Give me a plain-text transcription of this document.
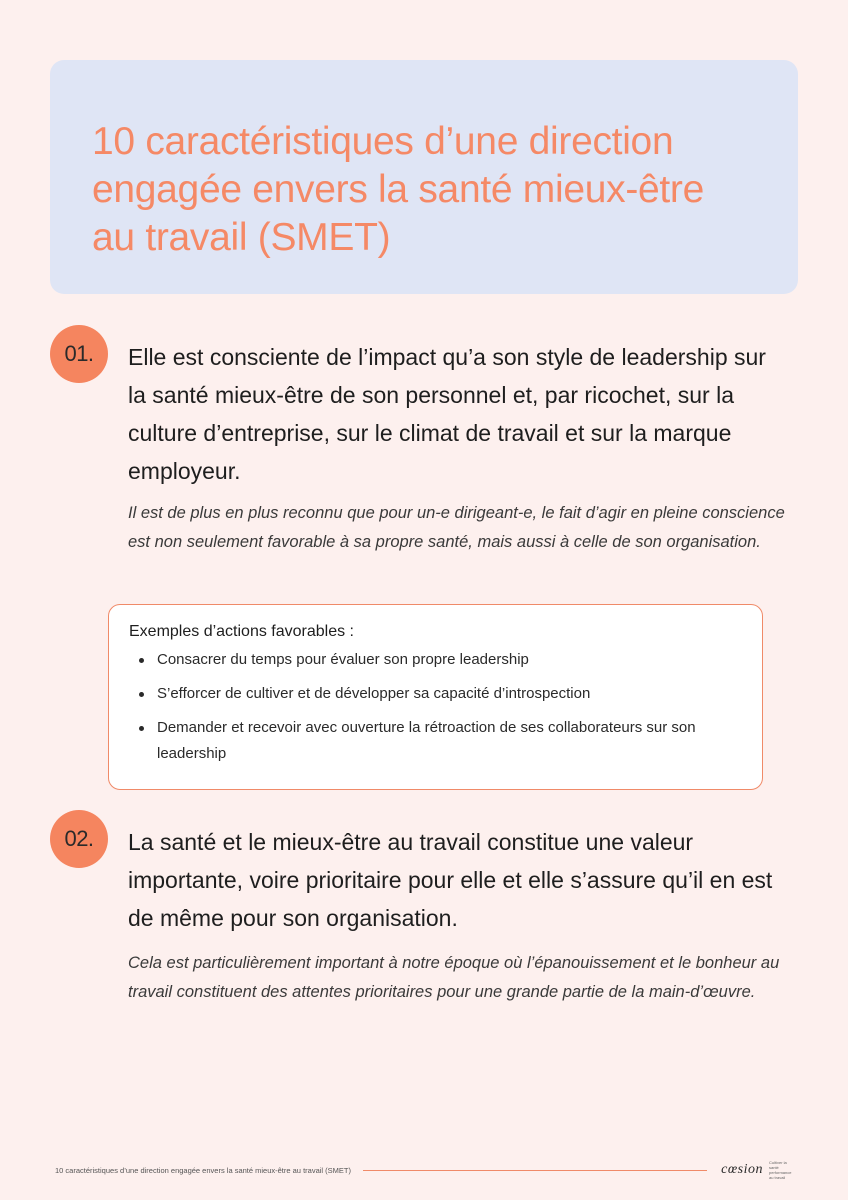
10 caractéristiques d’une direction engagée envers la santé mieux-être au travail (SMET)
01.	Elle est consciente de l’impact qu’a son style de leadership sur la santé mieux-être de son personnel et, par ricochet, sur la culture d’entreprise, sur le climat de travail et sur la marque employeur.
Il est de plus en plus reconnu que pour un-e dirigeant-e, le fait d’agir en pleine conscience est non seulement favorable à sa propre santé, mais aussi à celle de son organisation.
Exemples d’actions favorables :
Consacrer du temps pour évaluer son propre leadership
S’efforcer de cultiver et de développer sa capacité d’introspection
Demander et recevoir avec ouverture la rétroaction de ses collaborateurs sur son leadership
02.	La santé et le mieux-être au travail constitue une valeur importante, voire prioritaire pour elle et elle s’assure qu’il en est de même pour son organisation.
Cela est particulièrement important à notre époque où l’épanouissement et le bonheur au travail constituent des attentes prioritaires pour une grande partie de la main-d’œuvre.
10 caractéristiques d’une direction engagée envers la santé mieux-être au travail (SMET)	cœsion Cultiver la santé performance au travail
